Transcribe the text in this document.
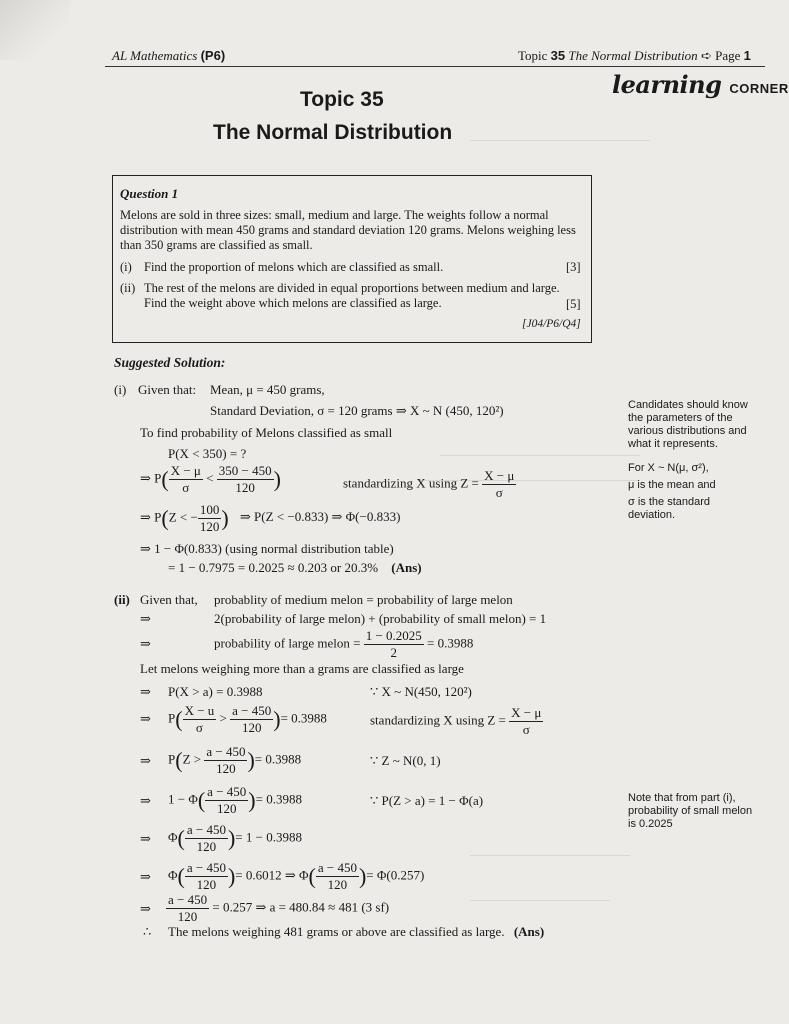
AL Mathematics (P6)	Topic 35 The Normal Distribution ➪ Page 1
learning CORNER
Topic 35
The Normal Distribution
Question 1
Melons are sold in three sizes: small, medium and large. The weights follow a normal distribution with mean 450 grams and standard deviation 120 grams. Melons weighing less than 350 grams are classified as small.
(i) Find the proportion of melons which are classified as small.	[3]
(ii) The rest of the melons are divided in equal proportions between medium and large. Find the weight above which melons are classified as large.	[5]
[J04/P6/Q4]
Suggested Solution:
(i) Given that: Mean, μ = 450 grams,
Standard Deviation, σ = 120 grams ⇒ X ~ N (450, 120²)
To find probability of Melons classified as small
P(X < 350) = ?
⇒ $P( \frac{X - \mu}{\sigma} < \frac{350 - 450}{120}$ )	standardizing X using $Z = \frac{X - \mu}{\sigma}$
⇒ P(Z < − $\frac{100}{120}$ ) ⇒ P(Z < −0.833) ⇒ Φ(−0.833)
⇒ 1 − Φ(0.833) (using normal distribution table)
= 1 − 0.7975 = 0.2025 ≈ 0.203 or 20.3% (Ans)
(ii) Given that, probablity of medium melon = probability of large melon
⇒	2(probability of large melon) + (probability of small melon) = 1
⇒	probability of large melon = $\frac{1 - 0.2025}{2} = 0.3988$
Let melons weighing more than a grams are classified as large
⇒ P(X > a) = 0.3988	∵ X ~ N(450, 120²)
⇒ $P( \frac{X - u}{\sigma} > \frac{a - 450}{120}$ )= 0.3988	standardizing X using $Z = \frac{X - \mu}{\sigma}$
⇒ $P(Z > \frac{a - 450}{120}$ )= 0.3988	∵ Z ~ N(0, 1)
⇒ $1 - \Phi( \frac{a - 450}{120}$ )= 0.3988	∵ P(Z > a) = 1 − Φ(a)
⇒ $\Phi( \frac{a - 450}{120}$ )= 1 − 0.3988
⇒ $\Phi( \frac{a - 450}{120}$ )= 0.6012 ⇒ $\Phi( \frac{a - 450}{120}$ )= Φ(0.257)
⇒ $\frac{a - 450}{120} = 0.257$ ⇒ a = 480.84 ≈ 481 (3 sf)
∴ The melons weighing 481 grams or above are classified as large. (Ans)
Candidates should know the parameters of the various distributions and what it represents.
For X ~ N(μ, σ²),
μ is the mean and
σ is the standard deviation.
Note that from part (i), probability of small melon is 0.2025
